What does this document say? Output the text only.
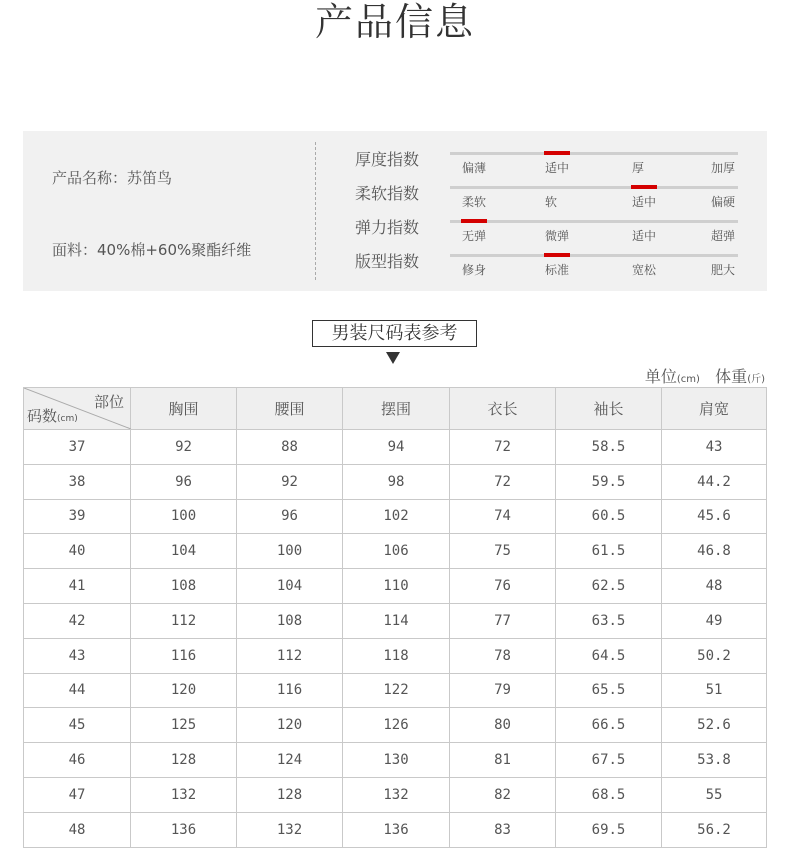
产品信息
产品名称：苏笛鸟
面料：40%棉+60%聚酯纤维
厚度指数	偏薄	适中	厚	加厚
柔软指数	柔软	软	适中	偏硬
弹力指数	无弹	微弹	适中	超弹
版型指数	修身	标准	宽松	肥大
男装尺码表参考
单位(cm) 体重(斤)
部位
码数(cm)	胸围	腰围	摆围	衣长	袖长	肩宽
37	92	88	94	72	58.5	43
38	96	92	98	72	59.5	44.2
39	100	96	102	74	60.5	45.6
40	104	100	106	75	61.5	46.8
41	108	104	110	76	62.5	48
42	112	108	114	77	63.5	49
43	116	112	118	78	64.5	50.2
44	120	116	122	79	65.5	51
45	125	120	126	80	66.5	52.6
46	128	124	130	81	67.5	53.8
47	132	128	132	82	68.5	55
48	136	132	136	83	69.5	56.2
